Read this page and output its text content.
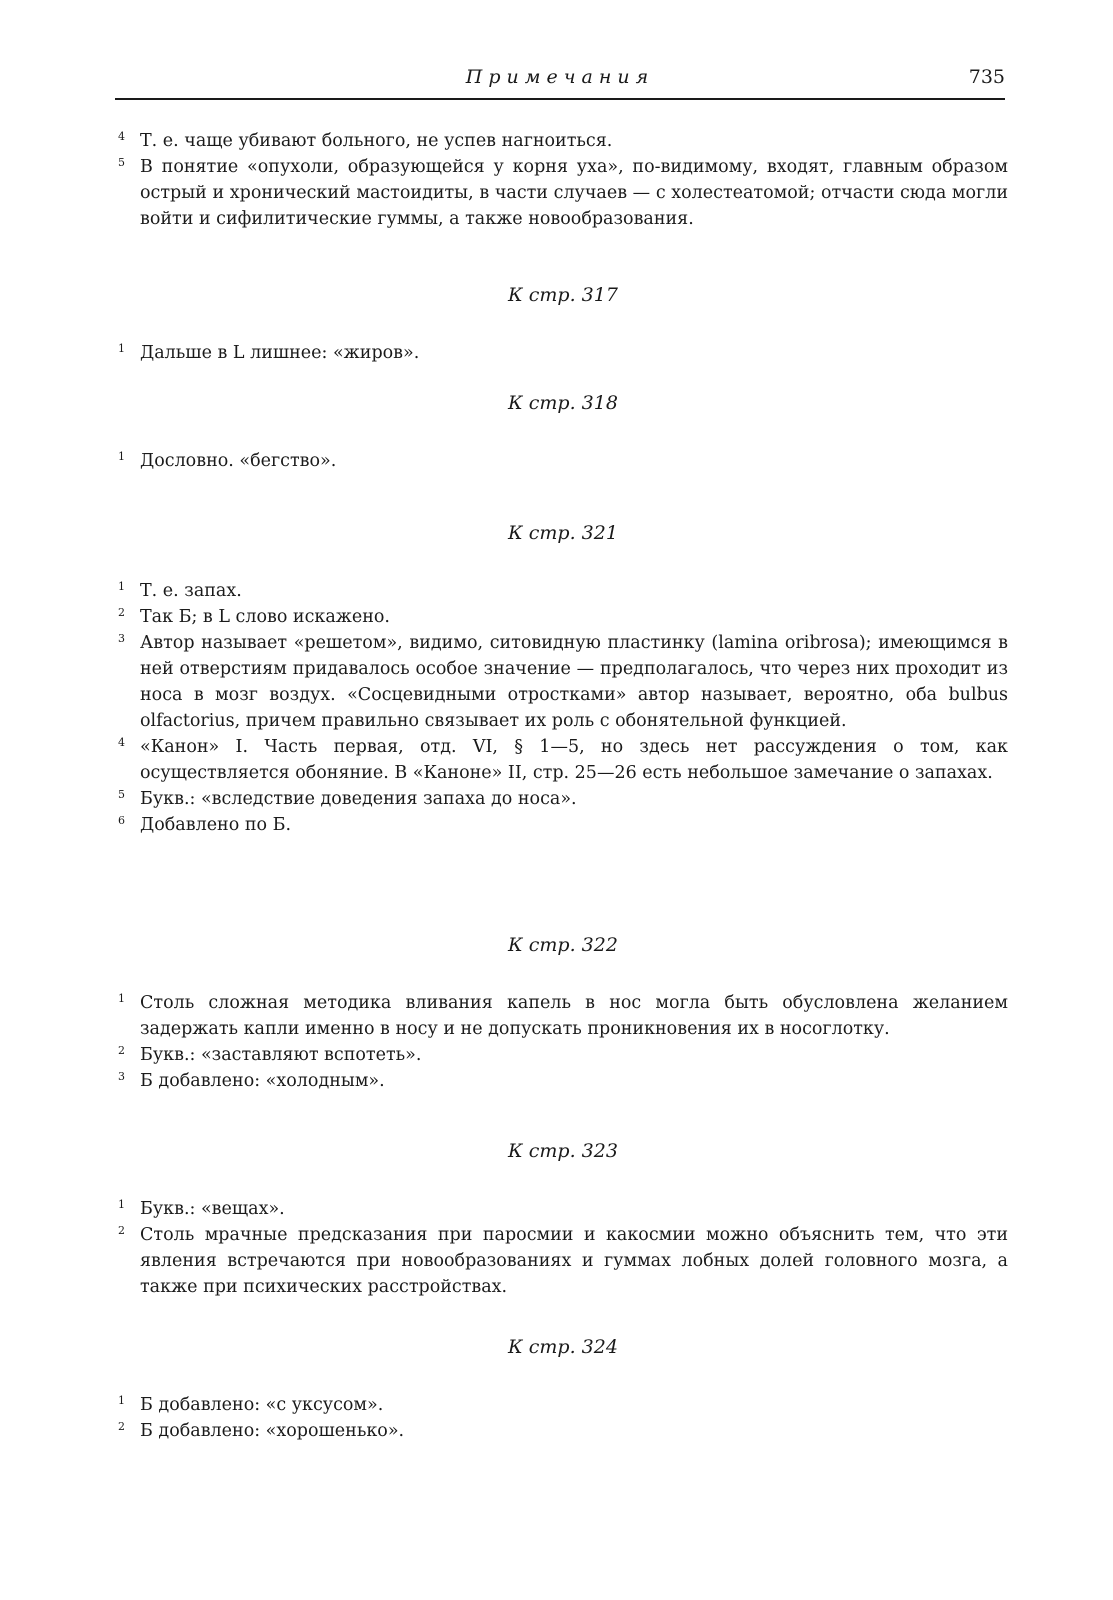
Примечания	735
4 Т. е. чаще убивают больного, не успев нагноиться.
5 В понятие «опухоли, образующейся у корня уха», по-видимому, входят, главным образом острый и хронический мастоидиты, в части случаев — с холестеатомой; отчасти сюда могли войти и сифилитические гуммы, а также новообразования.
К стр. 317
1 Дальше в L лишнее: «жиров».
К стр. 318
1 Дословно. «бегство».
К стр. 321
1 Т. е. запах.
2 Так Б; в L слово искажено.
3 Автор называет «решетом», видимо, ситовидную пластинку (lamina oribrosa); имеющимся в ней отверстиям придавалось особое значение — предполагалось, что через них проходит из носа в мозг воздух. «Сосцевидными отростками» автор называет, вероятно, оба bulbus olfactorius, причем правильно связывает их роль с обонятельной функцией.
4 «Канон» I. Часть первая, отд. VI, § 1—5, но здесь нет рассуждения о том, как осуществляется обоняние. В «Каноне» II, стр. 25—26 есть небольшое замечание о запахах.
5 Букв.: «вследствие доведения запаха до носа».
6 Добавлено по Б.
К стр. 322
1 Столь сложная методика вливания капель в нос могла быть обусловлена желанием задержать капли именно в носу и не допускать проникновения их в носоглотку.
2 Букв.: «заставляют вспотеть».
3 Б добавлено: «холодным».
К стр. 323
1 Букв.: «вещах».
2 Столь мрачные предсказания при паросмии и какосмии можно объяснить тем, что эти явления встречаются при новообразованиях и гуммах лобных долей головного мозга, а также при психических расстройствах.
К стр. 324
1 Б добавлено: «с уксусом».
2 Б добавлено: «хорошенько».
